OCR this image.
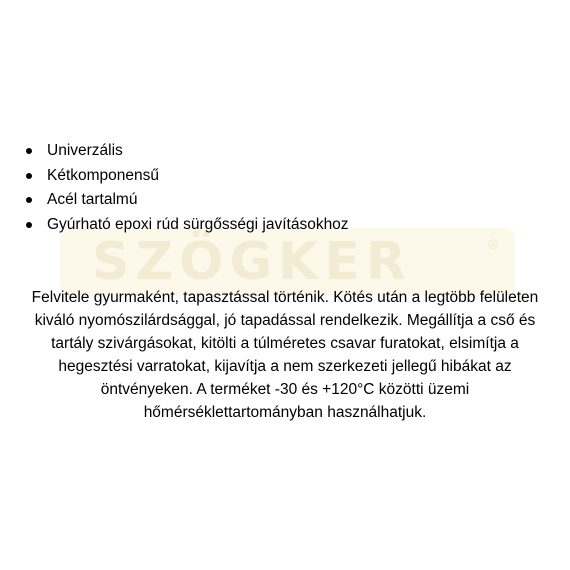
SZÖGKER	®
Univerzális
Kétkomponensű
Acél tartalmú
Gyúrható epoxi rúd sürgősségi javításokhoz

Felvitele gyurmaként, tapasztással történik. Kötés után a legtöbb felületen
kiváló nyomószilárdsággal, jó tapadással rendelkezik. Megállítja a cső és
tartály szivárgásokat, kitölti a túlméretes csavar furatokat, elsimítja a
hegesztési varratokat, kijavítja a nem szerkezeti jellegű hibákat az
öntvényeken. A terméket -30 és +120°C közötti üzemi
hőmérséklettartományban használhatjuk.
